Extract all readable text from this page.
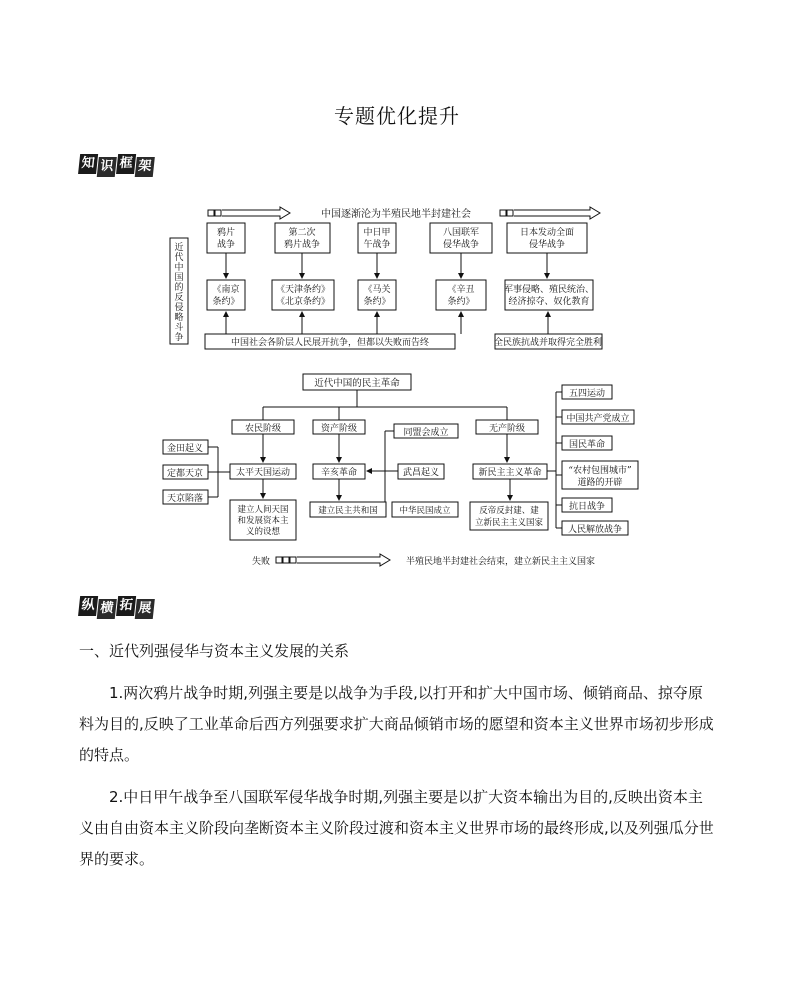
专题优化提升
知 识 框 架
中国逐渐沦为半殖民地半封建社会
近
代
中
国
的
反
侵
略
斗
争
鸦片
战争
第二次
鸦片战争
中日甲
午战争
八国联军
侵华战争
日本发动全面
侵华战争
《南京
条约》
《天津条约》
《北京条约》
《马关
条约》
《辛丑
条约》
军事侵略、殖民统治、
经济掠夺、奴化教育
中国社会各阶层人民展开抗争，但都以失败而告终	全民族抗战并取得完全胜利
近代中国的民主革命
农民阶级	资产阶级	无产阶级
同盟会成立
金田起义
定都天京
天京陷落
太平天国运动	辛亥革命	新民主主义革命
武昌起义
建立人间天国
和发展资本主
义的设想
建立民主共和国	中华民国成立	反帝反封建、建
立新民主主义国家
五四运动
中国共产党成立
国民革命
“农村包围城市”
道路的开辟
抗日战争
人民解放战争
失败	半殖民地半封建社会结束，建立新民主主义国家
纵 横 拓 展
一、近代列强侵华与资本主义发展的关系
1.两次鸦片战争时期,列强主要是以战争为手段,以打开和扩大中国市场、倾销商品、掠夺原料为目的,反映了工业革命后西方列强要求扩大商品倾销市场的愿望和资本主义世界市场初步形成的特点。
2.中日甲午战争至八国联军侵华战争时期,列强主要是以扩大资本输出为目的,反映出资本主义由自由资本主义阶段向垄断资本主义阶段过渡和资本主义世界市场的最终形成,以及列强瓜分世界的要求。
